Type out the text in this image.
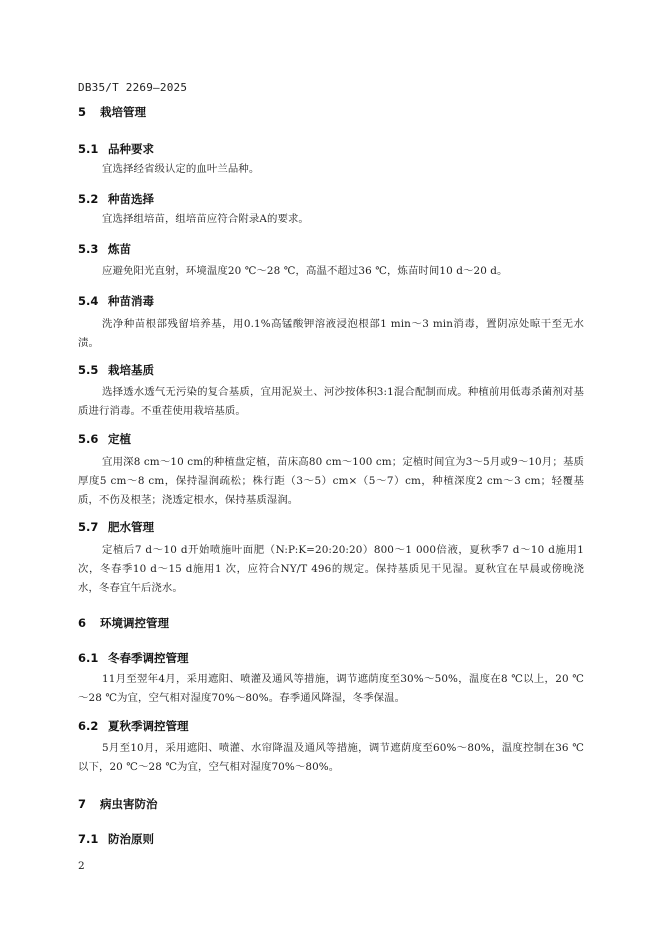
DB35/T 2269—2025
5 栽培管理
5.1 品种要求
宜选择经省级认定的血叶兰品种。
5.2 种苗选择
宜选择组培苗，组培苗应符合附录A的要求。
5.3 炼苗
应避免阳光直射，环境温度20 ℃～28 ℃，高温不超过36 ℃，炼苗时间10 d～20 d。
5.4 种苗消毒
洗净种苗根部残留培养基，用0.1%高锰酸钾溶液浸泡根部1 min～3 min消毒，置阴凉处晾干至无水渍。
5.5 栽培基质
选择透水透气无污染的复合基质，宜用泥炭土、河沙按体积3:1混合配制而成。种植前用低毒杀菌剂对基质进行消毒。不重茬使用栽培基质。
5.6 定植
宜用深8 cm～10 cm的种植盘定植，苗床高80 cm～100 cm；定植时间宜为3～5月或9～10月；基质厚度5 cm～8 cm，保持湿润疏松；株行距（3～5）cm×（5～7）cm，种植深度2 cm～3 cm；轻覆基质，不伤及根茎；浇透定根水，保持基质湿润。
5.7 肥水管理
定植后7 d～10 d开始喷施叶面肥（N:P:K=20:20:20）800～1 000倍液，夏秋季7 d～10 d施用1次，冬春季10 d～15 d施用1 次，应符合NY/T 496的规定。保持基质见干见湿。夏秋宜在早晨或傍晚浇水，冬春宜午后浇水。
6 环境调控管理
6.1 冬春季调控管理
11月至翌年4月，采用遮阳、喷灌及通风等措施，调节遮荫度至30%～50%，温度在8 ℃以上，20 ℃～28 ℃为宜，空气相对湿度70%～80%。春季通风降湿，冬季保温。
6.2 夏秋季调控管理
5月至10月，采用遮阳、喷灌、水帘降温及通风等措施，调节遮荫度至60%～80%，温度控制在36 ℃以下，20 ℃～28 ℃为宜，空气相对湿度70%～80%。
7 病虫害防治
7.1 防治原则
2
